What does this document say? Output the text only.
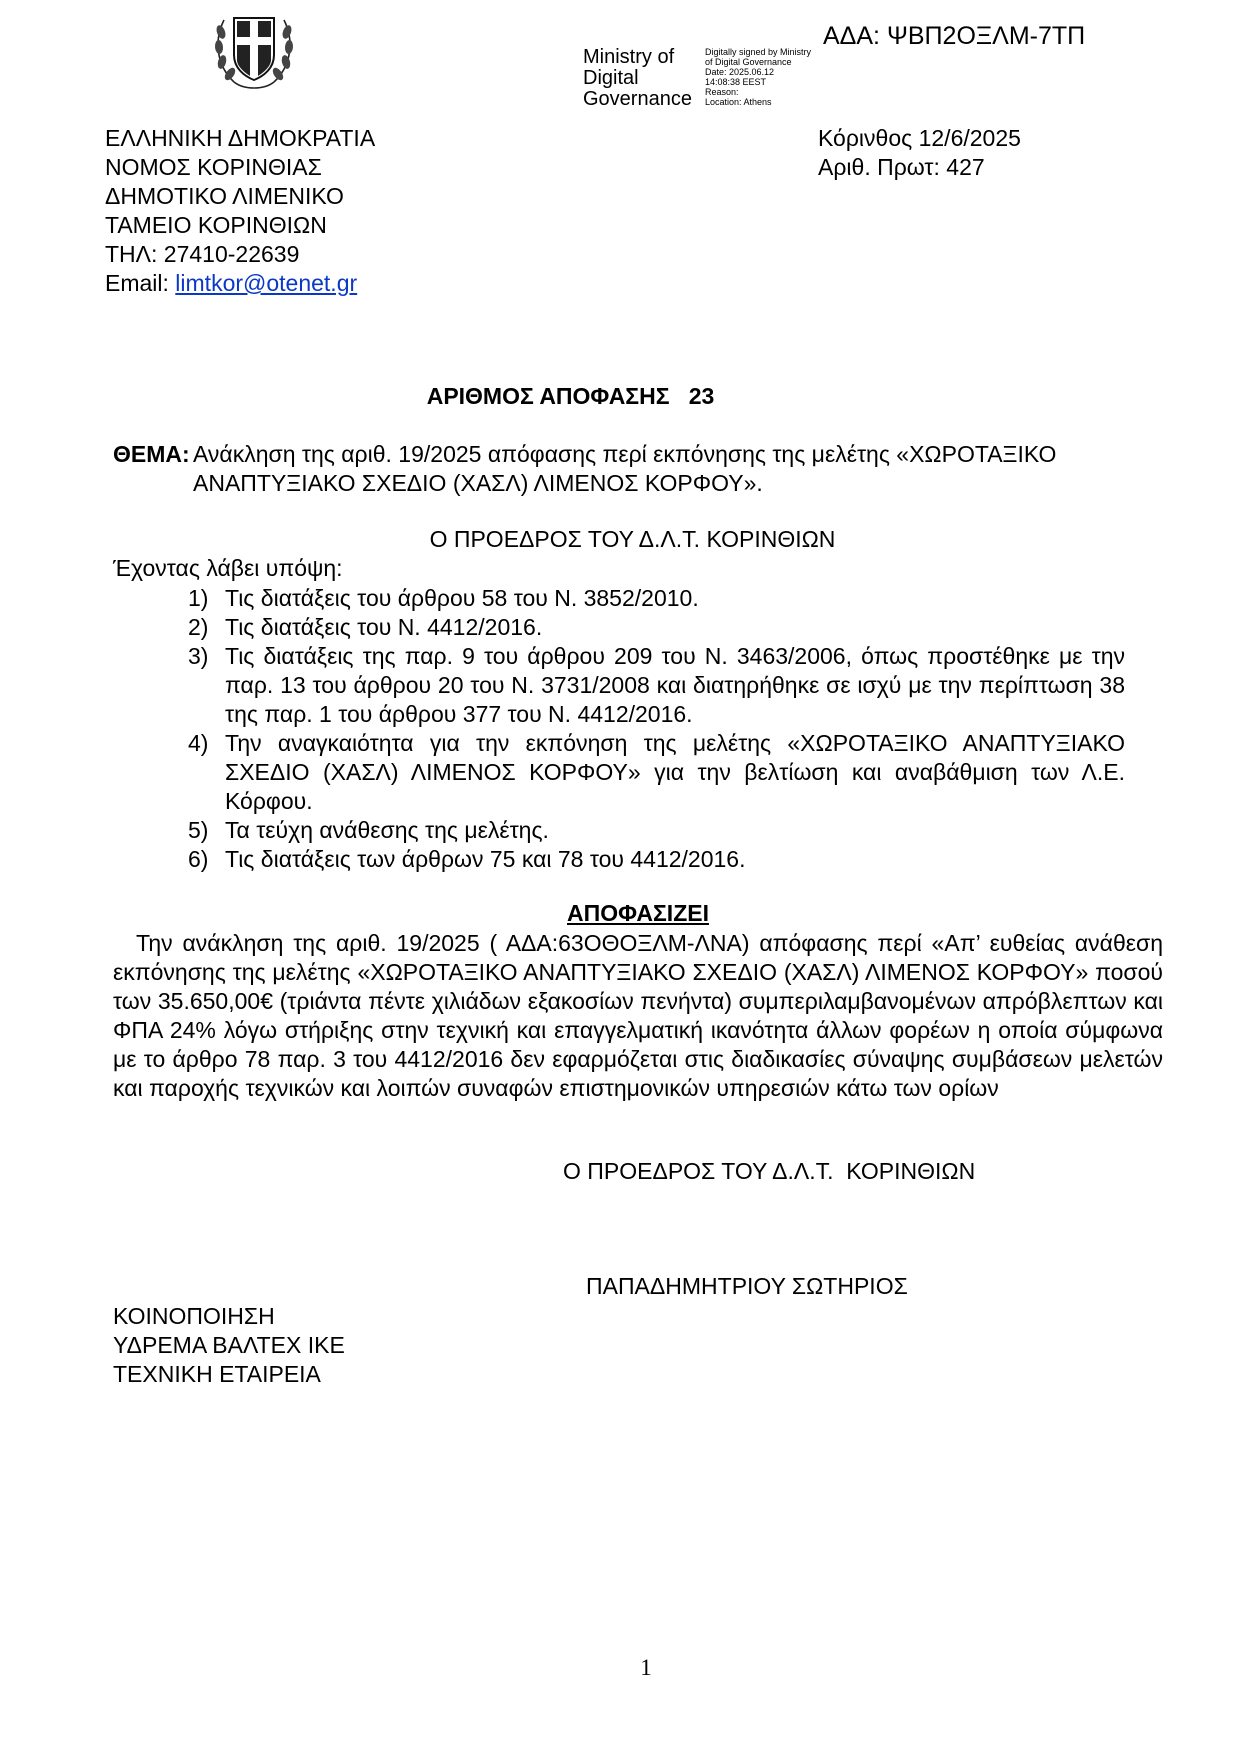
ΑΔΑ: ΨΒΠ2ΟΞΛΜ-7ΤΠ
Ministry of
Digital
Governance
Digitally signed by Ministry
of Digital Governance
Date: 2025.06.12
14:08:38 EEST
Reason:
Location: Athens
ΕΛΛΗΝΙΚΗ ΔΗΜΟΚΡΑΤΙΑ
ΝΟΜΟΣ ΚΟΡΙΝΘΙΑΣ
ΔΗΜΟΤΙΚΟ ΛΙΜΕΝΙΚΟ
ΤΑΜΕΙΟ ΚΟΡΙΝΘΙΩΝ
ΤΗΛ: 27410-22639
Email: limtkor@otenet.gr
Κόρινθος 12/6/2025
Αριθ. Πρωτ: 427
ΑΡΙΘΜΟΣ ΑΠΟΦΑΣΗΣ   23
ΘΕΜΑ: Ανάκληση της αριθ. 19/2025 απόφασης περί εκπόνησης της μελέτης «ΧΩΡΟΤΑΞΙΚΟ ΑΝΑΠΤΥΞΙΑΚΟ ΣΧΕΔΙΟ (ΧΑΣΛ) ΛΙΜΕΝΟΣ ΚΟΡΦΟΥ».
Ο ΠΡΟΕΔΡΟΣ ΤΟΥ Δ.Λ.Τ. ΚΟΡΙΝΘΙΩΝ
Έχοντας λάβει υπόψη:
1) Τις διατάξεις του άρθρου 58 του Ν. 3852/2010.
2) Τις διατάξεις του Ν. 4412/2016.
3) Τις διατάξεις της παρ. 9 του άρθρου 209 του Ν. 3463/2006, όπως προστέθηκε με την παρ. 13 του άρθρου 20 του Ν. 3731/2008 και διατηρήθηκε σε ισχύ με την περίπτωση 38 της παρ. 1 του άρθρου 377 του Ν. 4412/2016.
4) Την αναγκαιότητα για την εκπόνηση της μελέτης «ΧΩΡΟΤΑΞΙΚΟ ΑΝΑΠΤΥΞΙΑΚΟ ΣΧΕΔΙΟ (ΧΑΣΛ) ΛΙΜΕΝΟΣ ΚΟΡΦΟΥ» για την βελτίωση και αναβάθμιση των Λ.Ε. Κόρφου.
5) Τα τεύχη ανάθεσης της μελέτης.
6) Τις διατάξεις των άρθρων 75 και 78 του 4412/2016.
ΑΠΟΦΑΣΙΖΕΙ
Την ανάκληση της αριθ. 19/2025 ( ΑΔΑ:63ΟΘΟΞΛΜ-ΛΝΑ) απόφασης περί «Απ’ ευθείας ανάθεση εκπόνησης της μελέτης «ΧΩΡΟΤΑΞΙΚΟ ΑΝΑΠΤΥΞΙΑΚΟ ΣΧΕΔΙΟ (ΧΑΣΛ) ΛΙΜΕΝΟΣ ΚΟΡΦΟΥ» ποσού των 35.650,00€ (τριάντα πέντε χιλιάδων εξακοσίων πενήντα) συμπεριλαμβανομένων απρόβλεπτων και ΦΠΑ 24% λόγω στήριξης στην τεχνική και επαγγελματική ικανότητα άλλων φορέων η οποία σύμφωνα με το άρθρο 78 παρ. 3 του 4412/2016 δεν εφαρμόζεται στις διαδικασίες σύναψης συμβάσεων μελετών και παροχής τεχνικών και λοιπών συναφών επιστημονικών υπηρεσιών κάτω των ορίων
Ο ΠΡΟΕΔΡΟΣ ΤΟΥ Δ.Λ.Τ.  ΚΟΡΙΝΘΙΩΝ
ΠΑΠΑΔΗΜΗΤΡΙΟΥ ΣΩΤΗΡΙΟΣ
ΚΟΙΝΟΠΟΙΗΣΗ
ΥΔΡΕΜΑ ΒΑΛΤΕΧ ΙΚΕ
ΤΕΧΝΙΚΗ ΕΤΑΙΡΕΙΑ
1
